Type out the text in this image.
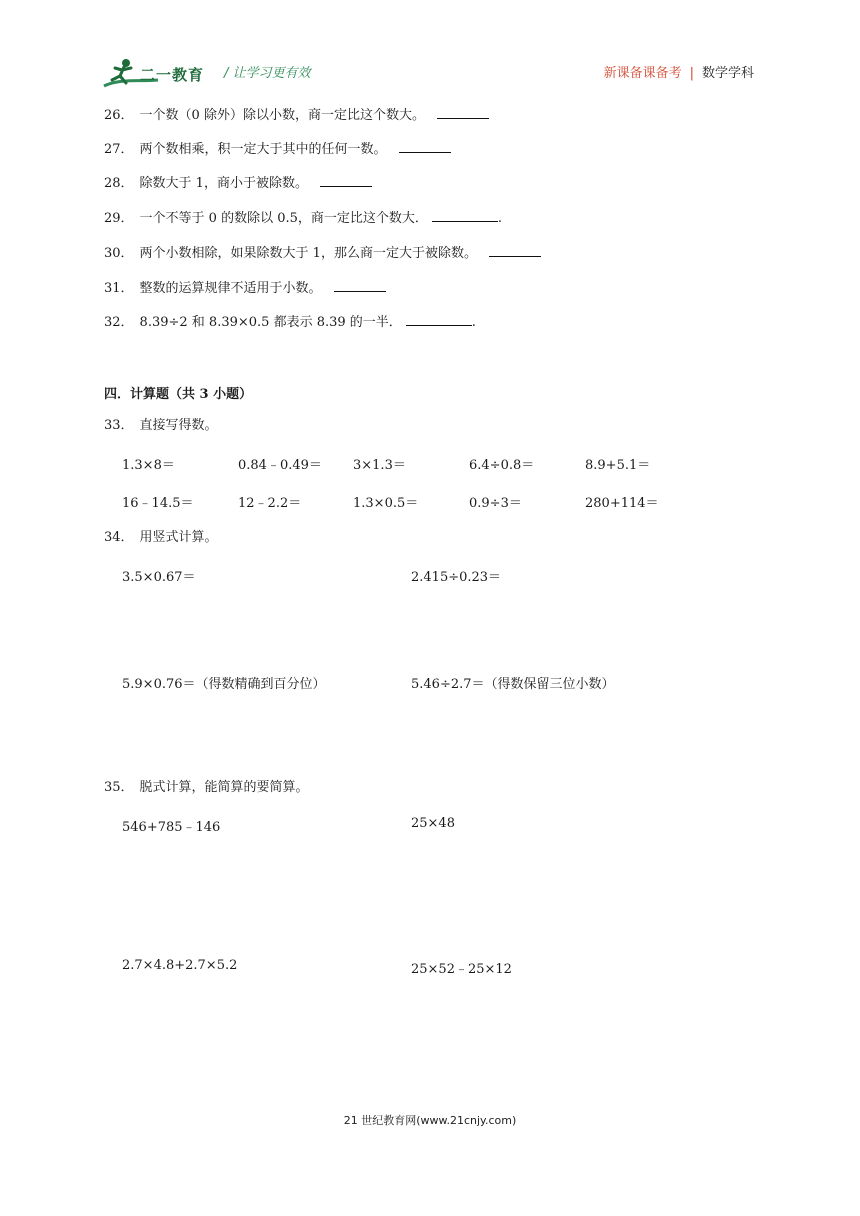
二一教育 / 让学习更有效	新课备课备考 | 数学学科
26． 一个数（0 除外）除以小数，商一定比这个数大。
27． 两个数相乘，积一定大于其中的任何一数。
28． 除数大于 1，商小于被除数。
29． 一个不等于 0 的数除以 0.5，商一定比这个数大．	.
30． 两个小数相除，如果除数大于 1，那么商一定大于被除数。
31． 整数的运算规律不适用于小数。
32． 8.39÷2 和 8.39×0.5 都表示 8.39 的一半．	.
四．计算题（共 3 小题）
33． 直接写得数。
1.3×8＝	0.84﹣0.49＝ 3×1.3＝	6.4÷0.8＝	8.9+5.1＝
16﹣14.5＝	12﹣2.2＝	1.3×0.5＝	0.9÷3＝	280+114＝
34． 用竖式计算。
3.5×0.67＝	2.415÷0.23＝
5.9×0.76＝（得数精确到百分位）	5.46÷2.7＝（得数保留三位小数）
35． 脱式计算，能简算的要简算。
546+785﹣146	25×48
2.7×4.8+2.7×5.2	25×52﹣25×12
21 世纪教育网(www.21cnjy.com)
